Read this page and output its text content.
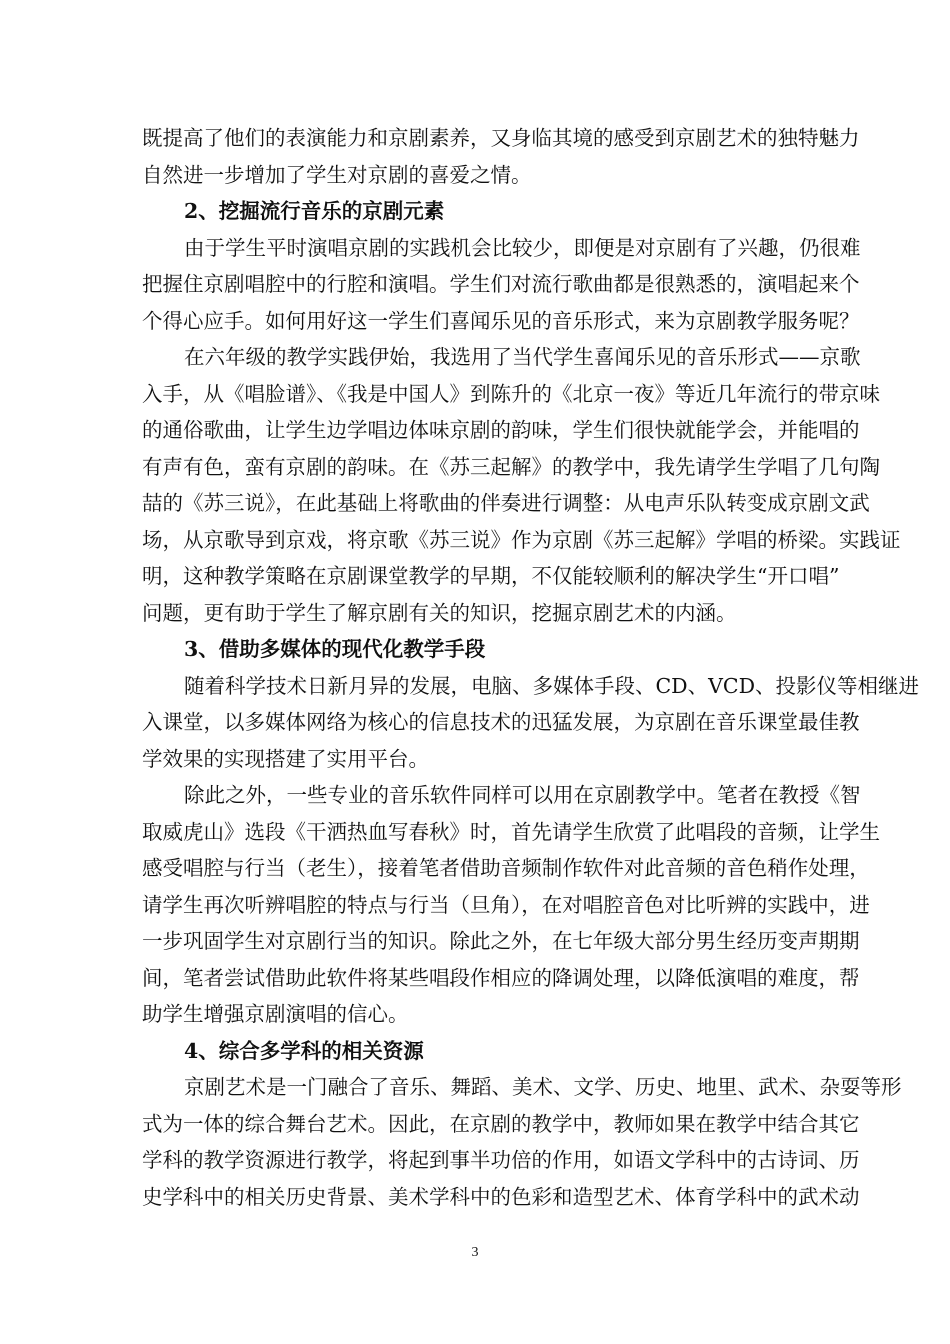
既提高了他们的表演能力和京剧素养，又身临其境的感受到京剧艺术的独特魅力
自然进一步增加了学生对京剧的喜爱之情。
2、挖掘流行音乐的京剧元素
由于学生平时演唱京剧的实践机会比较少，即便是对京剧有了兴趣，仍很难
把握住京剧唱腔中的行腔和演唱。学生们对流行歌曲都是很熟悉的，演唱起来个
个得心应手。如何用好这一学生们喜闻乐见的音乐形式，来为京剧教学服务呢？
在六年级的教学实践伊始，我选用了当代学生喜闻乐见的音乐形式——京歌
入手，从《唱脸谱》、《我是中国人》到陈升的《北京一夜》等近几年流行的带京味
的通俗歌曲，让学生边学唱边体味京剧的韵味，学生们很快就能学会，并能唱的
有声有色，蛮有京剧的韵味。在《苏三起解》的教学中，我先请学生学唱了几句陶
喆的《苏三说》，在此基础上将歌曲的伴奏进行调整：从电声乐队转变成京剧文武
场，从京歌导到京戏，将京歌《苏三说》作为京剧《苏三起解》学唱的桥梁。实践证
明，这种教学策略在京剧课堂教学的早期，不仅能较顺利的解决学生“开口唱”
问题，更有助于学生了解京剧有关的知识，挖掘京剧艺术的内涵。
3、借助多媒体的现代化教学手段
随着科学技术日新月异的发展，电脑、多媒体手段、CD、VCD、投影仪等相继进
入课堂，以多媒体网络为核心的信息技术的迅猛发展，为京剧在音乐课堂最佳教
学效果的实现搭建了实用平台。
除此之外，一些专业的音乐软件同样可以用在京剧教学中。笔者在教授《智
取威虎山》选段《干洒热血写春秋》时，首先请学生欣赏了此唱段的音频，让学生
感受唱腔与行当（老生），接着笔者借助音频制作软件对此音频的音色稍作处理，
请学生再次听辨唱腔的特点与行当（旦角），在对唱腔音色对比听辨的实践中，进
一步巩固学生对京剧行当的知识。除此之外，在七年级大部分男生经历变声期期
间，笔者尝试借助此软件将某些唱段作相应的降调处理，以降低演唱的难度，帮
助学生增强京剧演唱的信心。
4、综合多学科的相关资源
京剧艺术是一门融合了音乐、舞蹈、美术、文学、历史、地里、武术、杂耍等形
式为一体的综合舞台艺术。因此，在京剧的教学中，教师如果在教学中结合其它
学科的教学资源进行教学，将起到事半功倍的作用，如语文学科中的古诗词、历
史学科中的相关历史背景、美术学科中的色彩和造型艺术、体育学科中的武术动
3
